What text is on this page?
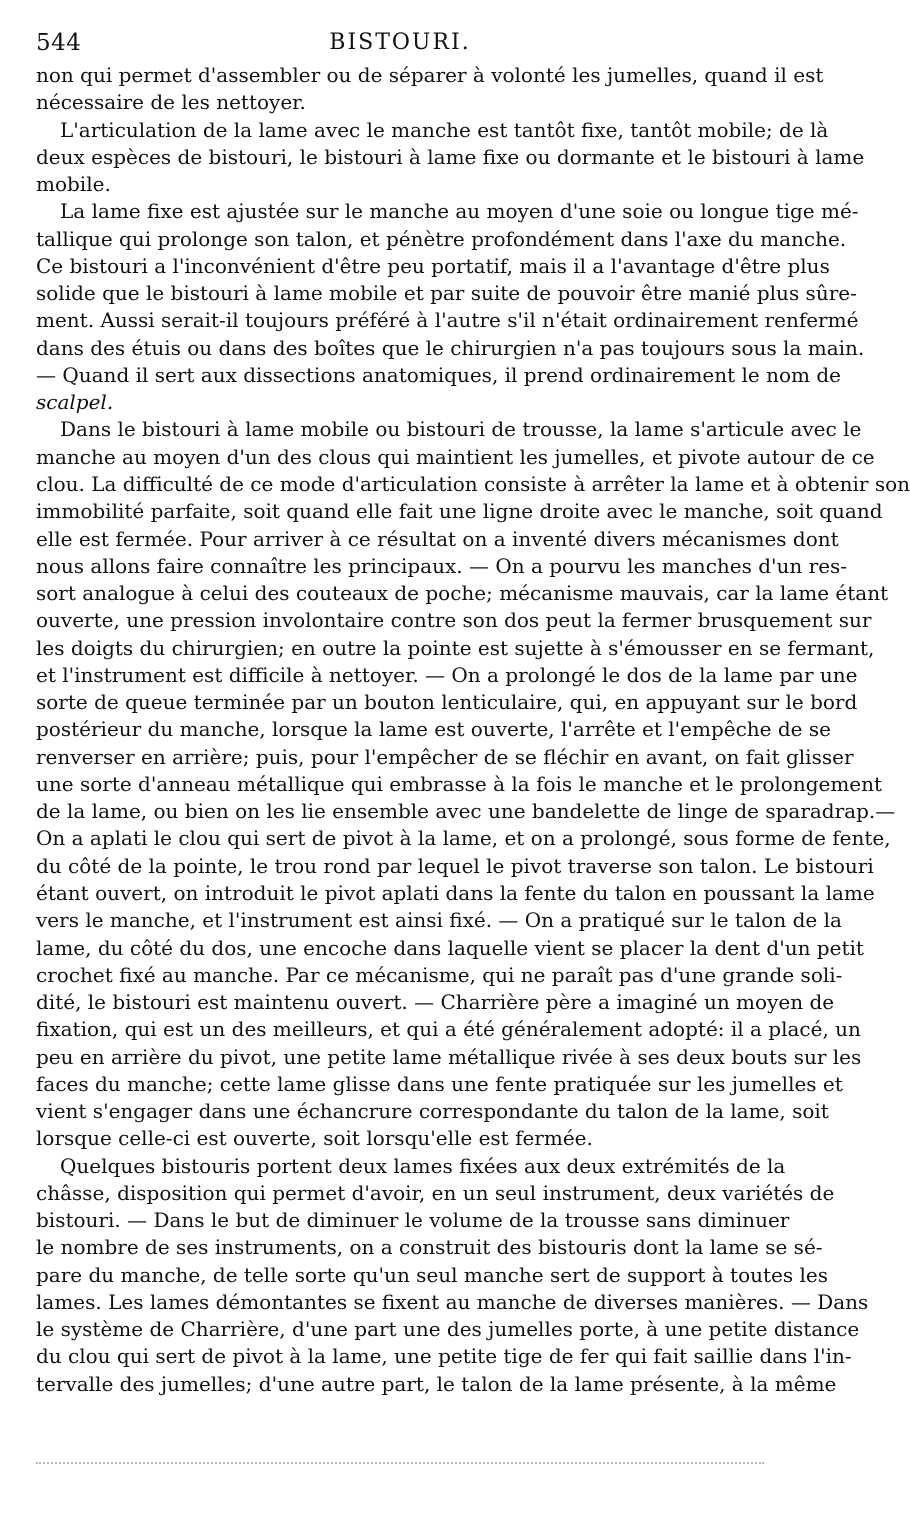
544	BISTOURI.
non qui permet d'assembler ou de séparer à volonté les jumelles, quand il est
nécessaire de les nettoyer.
L'articulation de la lame avec le manche est tantôt fixe, tantôt mobile; de là
deux espèces de bistouri, le bistouri à lame fixe ou dormante et le bistouri à lame
mobile.
La lame fixe est ajustée sur le manche au moyen d'une soie ou longue tige mé-
tallique qui prolonge son talon, et pénètre profondément dans l'axe du manche.
Ce bistouri a l'inconvénient d'être peu portatif, mais il a l'avantage d'être plus
solide que le bistouri à lame mobile et par suite de pouvoir être manié plus sûre-
ment. Aussi serait-il toujours préféré à l'autre s'il n'était ordinairement renfermé
dans des étuis ou dans des boîtes que le chirurgien n'a pas toujours sous la main.
— Quand il sert aux dissections anatomiques, il prend ordinairement le nom de
scalpel.
Dans le bistouri à lame mobile ou bistouri de trousse, la lame s'articule avec le
manche au moyen d'un des clous qui maintient les jumelles, et pivote autour de ce
clou. La difficulté de ce mode d'articulation consiste à arrêter la lame et à obtenir son
immobilité parfaite, soit quand elle fait une ligne droite avec le manche, soit quand
elle est fermée. Pour arriver à ce résultat on a inventé divers mécanismes dont
nous allons faire connaître les principaux. — On a pourvu les manches d'un res-
sort analogue à celui des couteaux de poche; mécanisme mauvais, car la lame étant
ouverte, une pression involontaire contre son dos peut la fermer brusquement sur
les doigts du chirurgien; en outre la pointe est sujette à s'émousser en se fermant,
et l'instrument est difficile à nettoyer. — On a prolongé le dos de la lame par une
sorte de queue terminée par un bouton lenticulaire, qui, en appuyant sur le bord
postérieur du manche, lorsque la lame est ouverte, l'arrête et l'empêche de se
renverser en arrière; puis, pour l'empêcher de se fléchir en avant, on fait glisser
une sorte d'anneau métallique qui embrasse à la fois le manche et le prolongement
de la lame, ou bien on les lie ensemble avec une bandelette de linge de sparadrap.—
On a aplati le clou qui sert de pivot à la lame, et on a prolongé, sous forme de fente,
du côté de la pointe, le trou rond par lequel le pivot traverse son talon. Le bistouri
étant ouvert, on introduit le pivot aplati dans la fente du talon en poussant la lame
vers le manche, et l'instrument est ainsi fixé. — On a pratiqué sur le talon de la
lame, du côté du dos, une encoche dans laquelle vient se placer la dent d'un petit
crochet fixé au manche. Par ce mécanisme, qui ne paraît pas d'une grande soli-
dité, le bistouri est maintenu ouvert. — Charrière père a imaginé un moyen de
fixation, qui est un des meilleurs, et qui a été généralement adopté: il a placé, un
peu en arrière du pivot, une petite lame métallique rivée à ses deux bouts sur les
faces du manche; cette lame glisse dans une fente pratiquée sur les jumelles et
vient s'engager dans une échancrure correspondante du talon de la lame, soit
lorsque celle-ci est ouverte, soit lorsqu'elle est fermée.
Quelques bistouris portent deux lames fixées aux deux extrémités de la
châsse, disposition qui permet d'avoir, en un seul instrument, deux variétés de
bistouri. — Dans le but de diminuer le volume de la trousse sans diminuer
le nombre de ses instruments, on a construit des bistouris dont la lame se sé-
pare du manche, de telle sorte qu'un seul manche sert de support à toutes les
lames. Les lames démontantes se fixent au manche de diverses manières. — Dans
le système de Charrière, d'une part une des jumelles porte, à une petite distance
du clou qui sert de pivot à la lame, une petite tige de fer qui fait saillie dans l'in-
tervalle des jumelles; d'une autre part, le talon de la lame présente, à la même
